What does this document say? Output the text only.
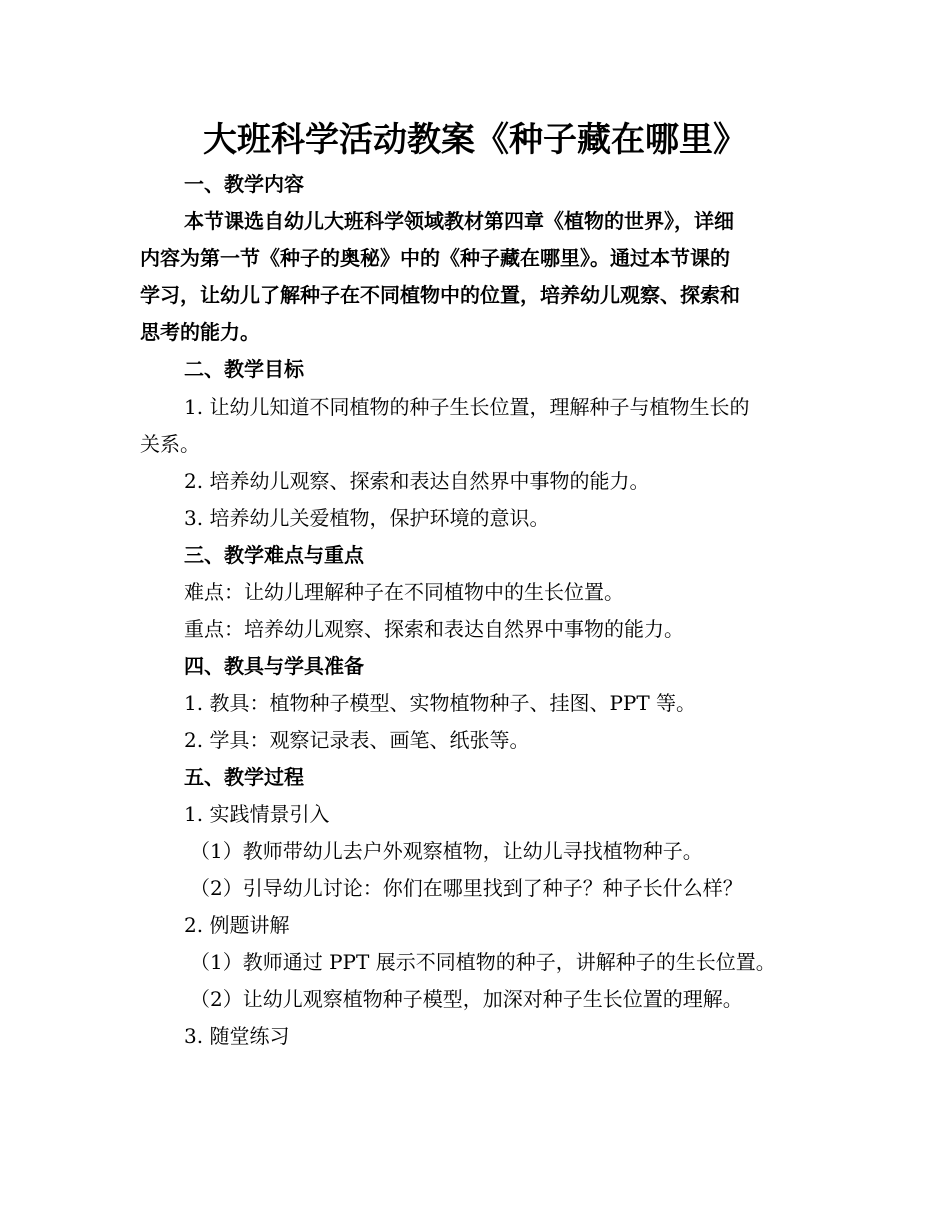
大班科学活动教案《种子藏在哪里》
一、教学内容
本节课选自幼儿大班科学领域教材第四章《植物的世界》，详细
内容为第一节《种子的奥秘》中的《种子藏在哪里》。通过本节课的
学习，让幼儿了解种子在不同植物中的位置，培养幼儿观察、探索和
思考的能力。
二、教学目标
1. 让幼儿知道不同植物的种子生长位置，理解种子与植物生长的
关系。
2. 培养幼儿观察、探索和表达自然界中事物的能力。
3. 培养幼儿关爱植物，保护环境的意识。
三、教学难点与重点
难点：让幼儿理解种子在不同植物中的生长位置。
重点：培养幼儿观察、探索和表达自然界中事物的能力。
四、教具与学具准备
1. 教具：植物种子模型、实物植物种子、挂图、PPT 等。
2. 学具：观察记录表、画笔、纸张等。
五、教学过程
1. 实践情景引入
（1）教师带幼儿去户外观察植物，让幼儿寻找植物种子。
（2）引导幼儿讨论：你们在哪里找到了种子？种子长什么样？
2. 例题讲解
（1）教师通过 PPT 展示不同植物的种子，讲解种子的生长位置。
（2）让幼儿观察植物种子模型，加深对种子生长位置的理解。
3. 随堂练习
